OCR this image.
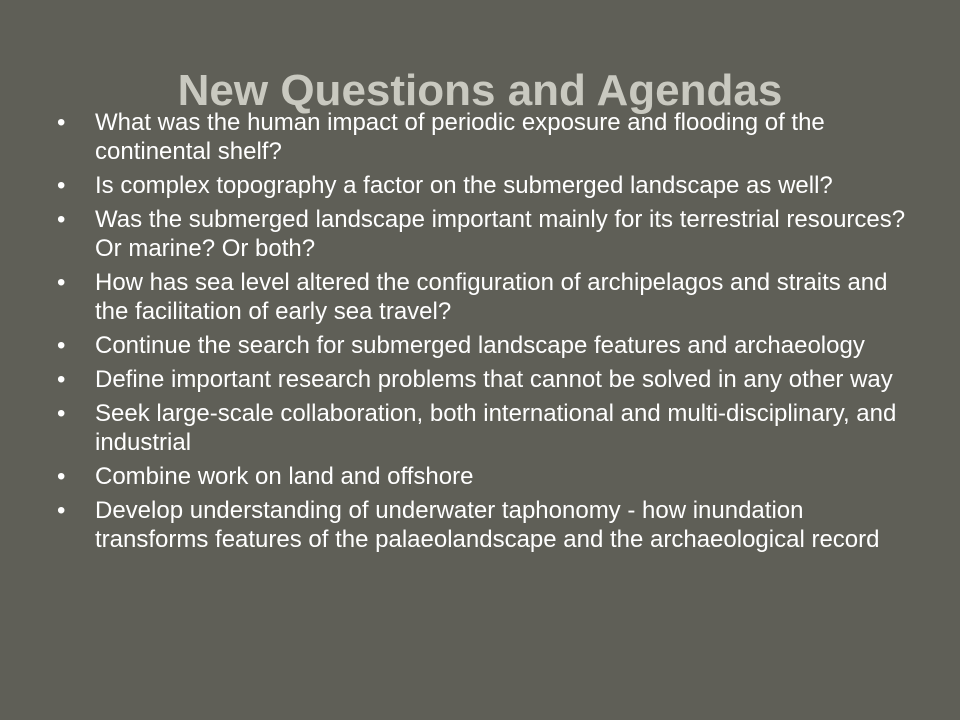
New Questions and Agendas
•	What was the human impact of periodic exposure and flooding of the continental shelf?
•	Is complex topography a factor on the submerged landscape as well?
•	Was the submerged landscape important mainly for its terrestrial resources? Or marine? Or both?
•	How has sea level altered the configuration of archipelagos and straits and the facilitation of early sea travel?
•	Continue the search for submerged landscape features and archaeology
•	Define important research problems that cannot be solved in any other way
•	Seek large-scale collaboration, both international and multi-disciplinary, and industrial
•	Combine work on land and offshore
•	Develop understanding of underwater taphonomy - how inundation transforms features of the palaeolandscape and the archaeological record
